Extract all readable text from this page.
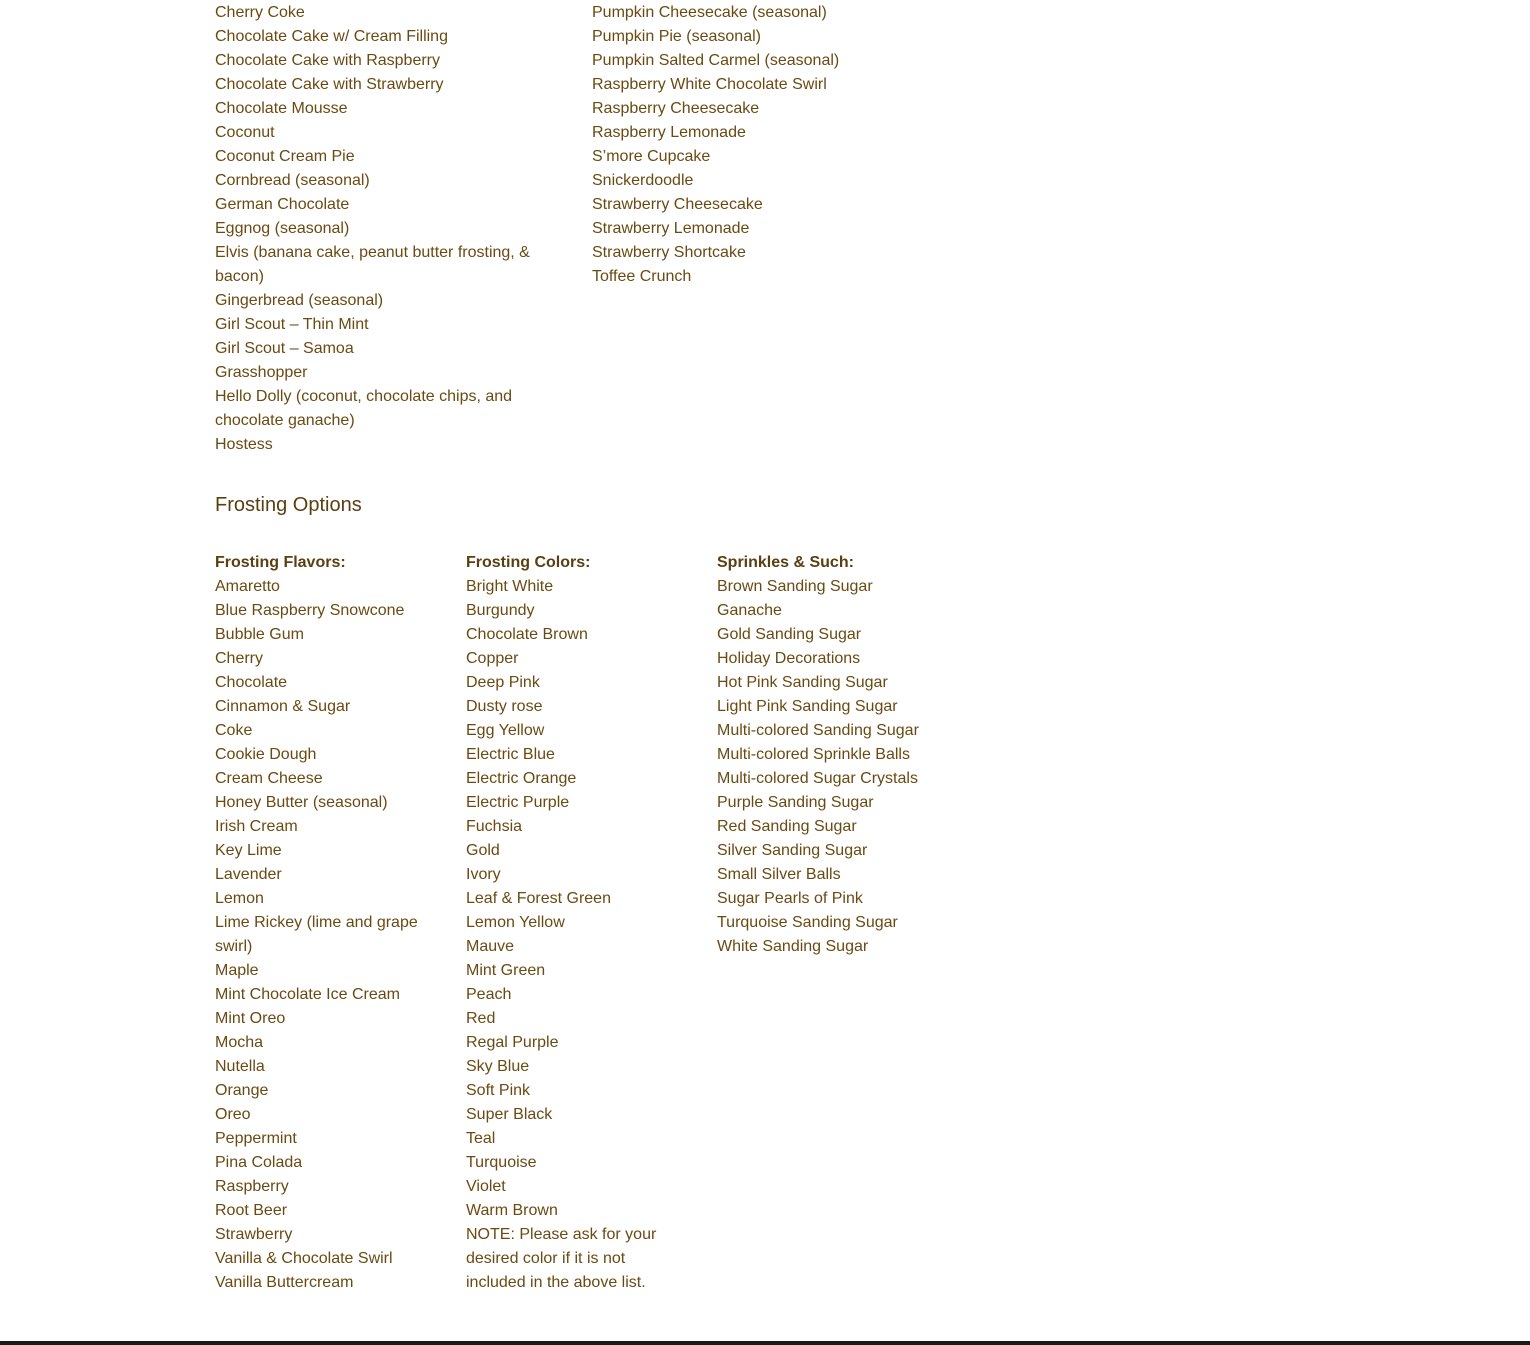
Cherry Coke
Chocolate Cake w/ Cream Filling
Chocolate Cake with Raspberry
Chocolate Cake with Strawberry
Chocolate Mousse
Coconut
Coconut Cream Pie
Cornbread (seasonal)
German Chocolate
Eggnog (seasonal)
Elvis (banana cake, peanut butter frosting, & bacon)
Gingerbread (seasonal)
Girl Scout – Thin Mint
Girl Scout – Samoa
Grasshopper
Hello Dolly (coconut, chocolate chips, and chocolate ganache)
Hostess
Pumpkin Cheesecake (seasonal)
Pumpkin Pie (seasonal)
Pumpkin Salted Carmel (seasonal)
Raspberry White Chocolate Swirl
Raspberry Cheesecake
Raspberry Lemonade
S’more Cupcake
Snickerdoodle
Strawberry Cheesecake
Strawberry Lemonade
Strawberry Shortcake
Toffee Crunch
Frosting Options
Frosting Flavors:
Amaretto
Blue Raspberry Snowcone
Bubble Gum
Cherry
Chocolate
Cinnamon & Sugar
Coke
Cookie Dough
Cream Cheese
Honey Butter (seasonal)
Irish Cream
Key Lime
Lavender
Lemon
Lime Rickey (lime and grape swirl)
Maple
Mint Chocolate Ice Cream
Mint Oreo
Mocha
Nutella
Orange
Oreo
Peppermint
Pina Colada
Raspberry
Root Beer
Strawberry
Vanilla & Chocolate Swirl
Vanilla Buttercream
Frosting Colors:
Bright White
Burgundy
Chocolate Brown
Copper
Deep Pink
Dusty rose
Egg Yellow
Electric Blue
Electric Orange
Electric Purple
Fuchsia
Gold
Ivory
Leaf & Forest Green
Lemon Yellow
Mauve
Mint Green
Peach
Red
Regal Purple
Sky Blue
Soft Pink
Super Black
Teal
Turquoise
Violet
Warm Brown
NOTE: Please ask for your desired color if it is not included in the above list.
Sprinkles & Such:
Brown Sanding Sugar
Ganache
Gold Sanding Sugar
Holiday Decorations
Hot Pink Sanding Sugar
Light Pink Sanding Sugar
Multi-colored Sanding Sugar
Multi-colored Sprinkle Balls
Multi-colored Sugar Crystals
Purple Sanding Sugar
Red Sanding Sugar
Silver Sanding Sugar
Small Silver Balls
Sugar Pearls of Pink
Turquoise Sanding Sugar
White Sanding Sugar
